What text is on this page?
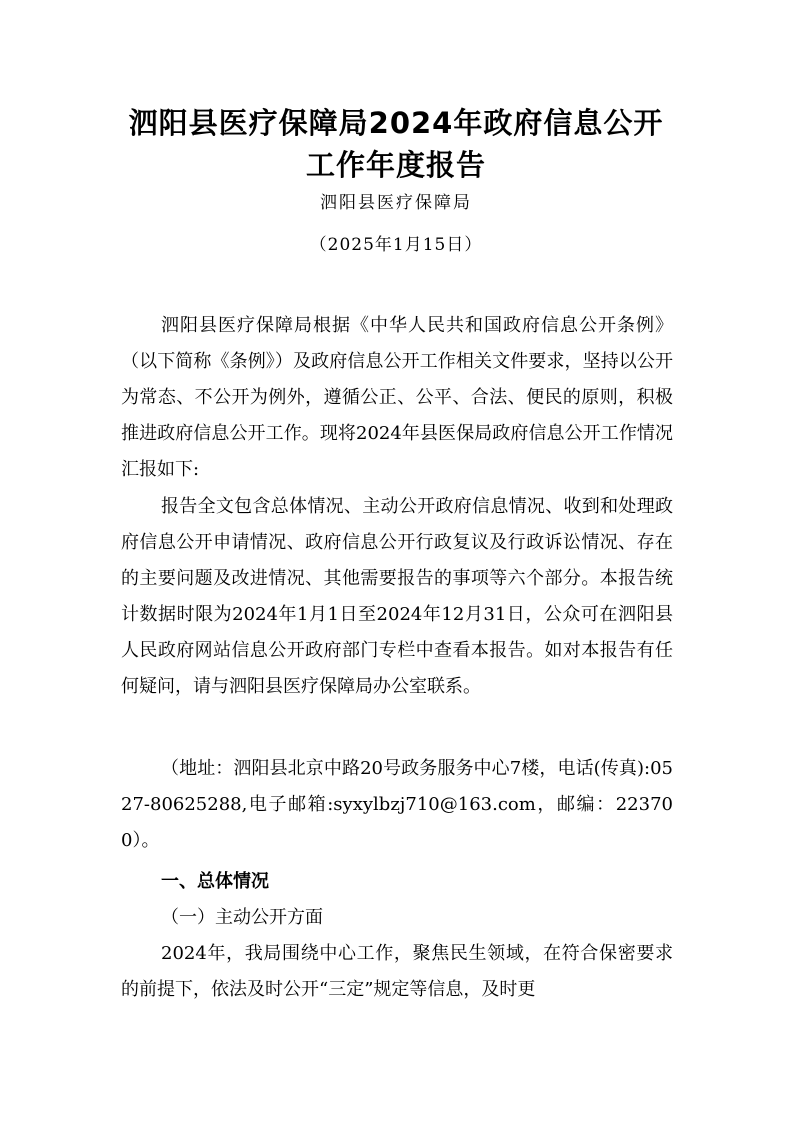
泗阳县医疗保障局2024年政府信息公开
工作年度报告
泗阳县医疗保障局
（2025年1月15日）

泗阳县医疗保障局根据《中华人民共和国政府信息公开条例》（以下简称《条例》）及政府信息公开工作相关文件要求，坚持以公开为常态、不公开为例外，遵循公正、公平、合法、便民的原则，积极推进政府信息公开工作。现将2024年县医保局政府信息公开工作情况汇报如下:

报告全文包含总体情况、主动公开政府信息情况、收到和处理政府信息公开申请情况、政府信息公开行政复议及行政诉讼情况、存在的主要问题及改进情况、其他需要报告的事项等六个部分。本报告统计数据时限为2024年1月1日至2024年12月31日，公众可在泗阳县人民政府网站信息公开政府部门专栏中查看本报告。如对本报告有任何疑问，请与泗阳县医疗保障局办公室联系。

（地址：泗阳县北京中路20号政务服务中心7楼，电话(传真):0527-80625288,电子邮箱:syxylbzj710@163.com，邮编：223700）。

一、总体情况
（一）主动公开方面

2024年，我局围绕中心工作，聚焦民生领域，在符合保密要求的前提下，依法及时公开“三定”规定等信息，及时更
